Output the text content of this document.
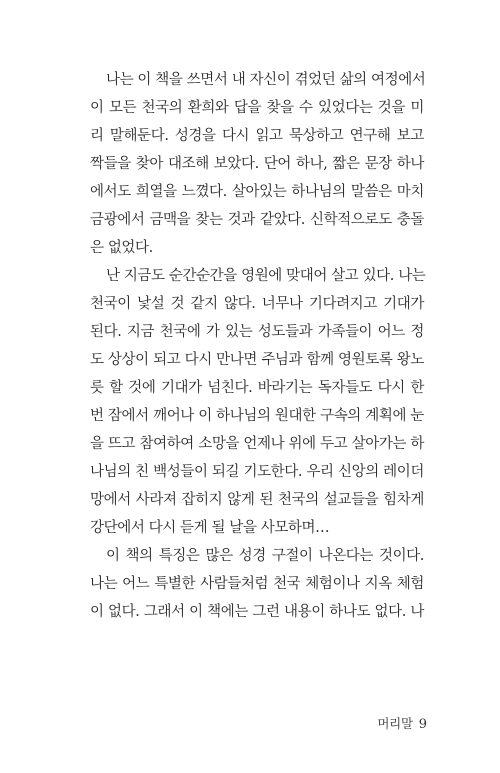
나는 이 책을 쓰면서 내 자신이 겪었던 삶의 여정에서
이 모든 천국의 환희와 답을 찾을 수 있었다는 것을 미
리 말해둔다. 성경을 다시 읽고 묵상하고 연구해 보고
짝들을 찾아 대조해 보았다. 단어 하나, 짧은 문장 하나
에서도 희열을 느꼈다. 살아있는 하나님의 말씀은 마치
금광에서 금맥을 찾는 것과 같았다. 신학적으로도 충돌
은 없었다.
난 지금도 순간순간을 영원에 맞대어 살고 있다. 나는
천국이 낯설 것 같지 않다. 너무나 기다려지고 기대가
된다. 지금 천국에 가 있는 성도들과 가족들이 어느 정
도 상상이 되고 다시 만나면 주님과 함께 영원토록 왕노
릇 할 것에 기대가 넘친다. 바라기는 독자들도 다시 한
번 잠에서 깨어나 이 하나님의 원대한 구속의 계획에 눈
을 뜨고 참여하여 소망을 언제나 위에 두고 살아가는 하
나님의 친 백성들이 되길 기도한다. 우리 신앙의 레이더
망에서 사라져 잡히지 않게 된 천국의 설교들을 힘차게
강단에서 다시 듣게 될 날을 사모하며…
이 책의 특징은 많은 성경 구절이 나온다는 것이다.
나는 어느 특별한 사람들처럼 천국 체험이나 지옥 체험
이 없다. 그래서 이 책에는 그런 내용이 하나도 없다. 나
머리말 9
